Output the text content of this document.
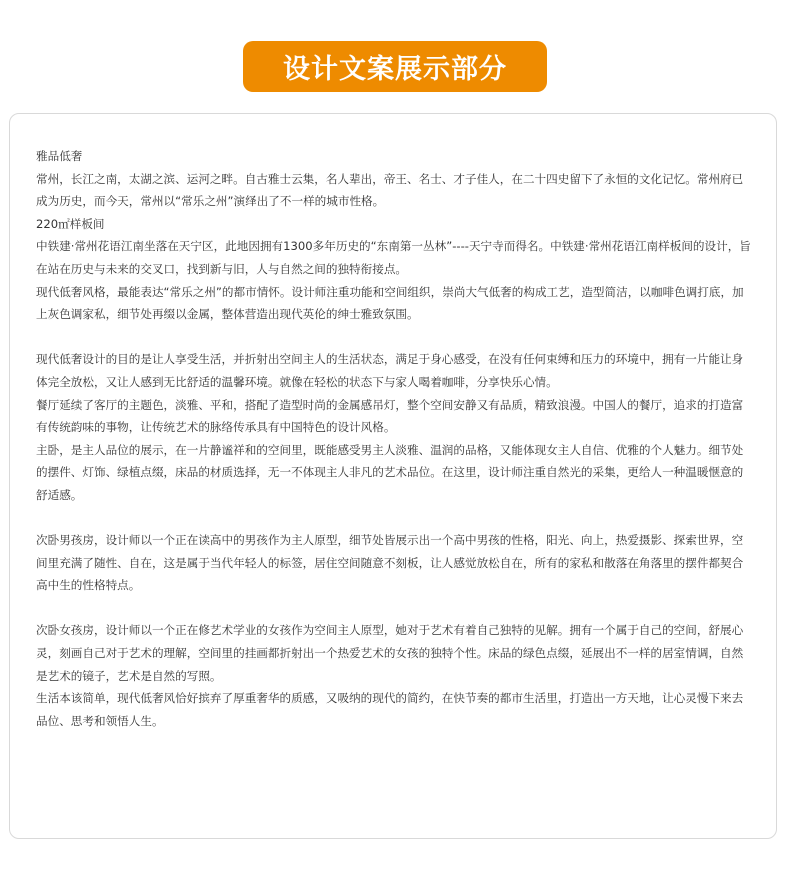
设计文案展示部分

雅品低奢

常州，长江之南，太湖之滨、运河之畔。自古雅士云集，名人辈出，帝王、名士、才子佳人，在二十四史留下了永恒的文化记忆。常州府已成为历史，而今天，常州以“常乐之州”演绎出了不一样的城市性格。

220㎡样板间

中铁建·常州花语江南坐落在天宁区，此地因拥有1300多年历史的“东南第一丛林”----天宁寺而得名。中铁建·常州花语江南样板间的设计，旨在站在历史与未来的交叉口，找到新与旧，人与自然之间的独特衔接点。

现代低奢风格，最能表达“常乐之州”的都市情怀。设计师注重功能和空间组织，崇尚大气低奢的构成工艺，造型简洁，以咖啡色调打底，加上灰色调家私，细节处再缀以金属，整体营造出现代英伦的绅士雅致氛围。

现代低奢设计的目的是让人享受生活，并折射出空间主人的生活状态，满足于身心感受，在没有任何束缚和压力的环境中，拥有一片能让身体完全放松，又让人感到无比舒适的温馨环境。就像在轻松的状态下与家人喝着咖啡，分享快乐心情。

餐厅延续了客厅的主题色，淡雅、平和，搭配了造型时尚的金属感吊灯，整个空间安静又有品质，精致浪漫。中国人的餐厅，追求的打造富有传统韵味的事物，让传统艺术的脉络传承具有中国特色的设计风格。

主卧，是主人品位的展示，在一片静谧祥和的空间里，既能感受男主人淡雅、温润的品格，又能体现女主人自信、优雅的个人魅力。细节处的摆件、灯饰、绿植点缀，床品的材质选择，无一不体现主人非凡的艺术品位。在这里，设计师注重自然光的采集，更给人一种温暖惬意的舒适感。

次卧男孩房，设计师以一个正在读高中的男孩作为主人原型，细节处皆展示出一个高中男孩的性格，阳光、向上，热爱摄影、探索世界，空间里充满了随性、自在，这是属于当代年轻人的标签，居住空间随意不刻板，让人感觉放松自在，所有的家私和散落在角落里的摆件都契合高中生的性格特点。

次卧女孩房，设计师以一个正在修艺术学业的女孩作为空间主人原型，她对于艺术有着自己独特的见解。拥有一个属于自己的空间，舒展心灵，刻画自己对于艺术的理解，空间里的挂画都折射出一个热爱艺术的女孩的独特个性。床品的绿色点缀，延展出不一样的居室情调，自然是艺术的镜子，艺术是自然的写照。

生活本该简单，现代低奢风恰好摈弃了厚重奢华的质感，又吸纳的现代的简约，在快节奏的都市生活里，打造出一方天地，让心灵慢下来去品位、思考和领悟人生。
